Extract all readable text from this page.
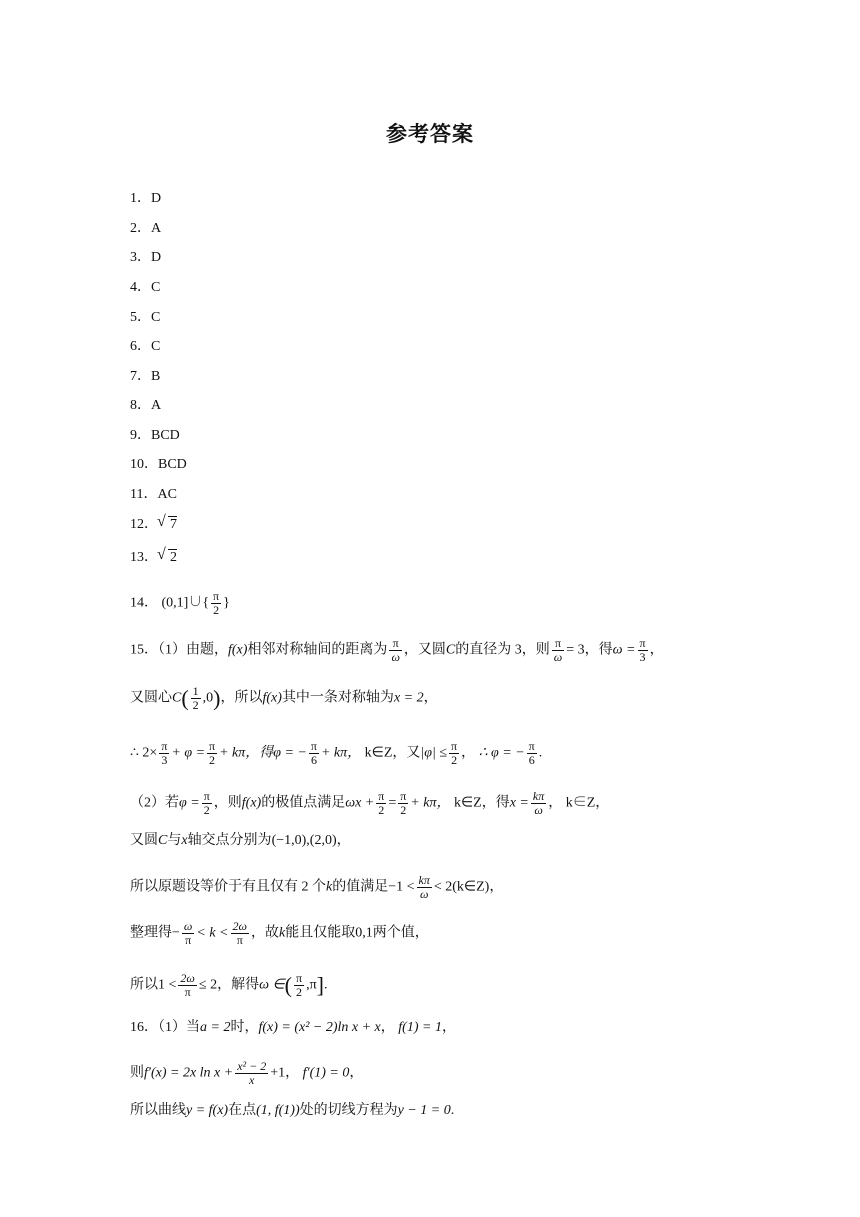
参考答案
1．D
2．A
3．D
4．C
5．C
6．C
7．B
8．A
9．BCD
10．BCD
11．AC
12． √ 7
13． √ 2
14． (0,1]∪{ $\frac{\pi}{2}$ }
15．（1）由题，f(x)相邻对称轴间的距离为 $\frac{\pi}{\omega}$ ，又圆C的直径为 3，则 $\frac{\pi}{\omega} = 3$，得$\omega = \frac{\pi}{3}$ ，
又圆心$C( \frac{1}{2} ,0)$，所以f(x)其中一条对称轴为x = 2，
∴ $2\times \frac{\pi}{3} + \varphi = \frac{\pi}{2} + k\pi$，得φ = − $\frac{\pi}{6} + k\pi$， k∈Z，又$|\varphi| \le \frac{\pi}{2}$ ， ∴ φ = − $\frac{\pi}{6}$ .
（2）若$\varphi = \frac{\pi}{2}$ ，则f(x)的极值点满足$\omega x + \frac{\pi}{2} = \frac{\pi}{2} + k\pi$， k∈Z，得$x = \frac{k\pi}{\omega}$ ， k∈Z，
又圆C与x轴交点分别为(−1,0),(2,0)，
所以原题设等价于有且仅有 2 个k的值满足$-1 < \frac{k\pi}{\omega}$ < 2(k∈Z)，
整理得− $\frac{\omega}{\pi} < k < \frac{2\omega}{\pi}$ ，故k能且仅能取0,1两个值，
所以$1 < \frac{2\omega}{\pi} \le 2$，解得ω ∈( $\frac{\pi}{2} ,\pi$].
16．（1）当a = 2时，f(x) = (x² − 2)ln x + x， f(1) = 1，
则f′(x) = 2x $\ln x + \frac{\text{x² − 2}}{x} +1$， f′(1) = 0，
所以曲线y = f(x)在点(1, f(1))处的切线方程为y − 1 = 0.
